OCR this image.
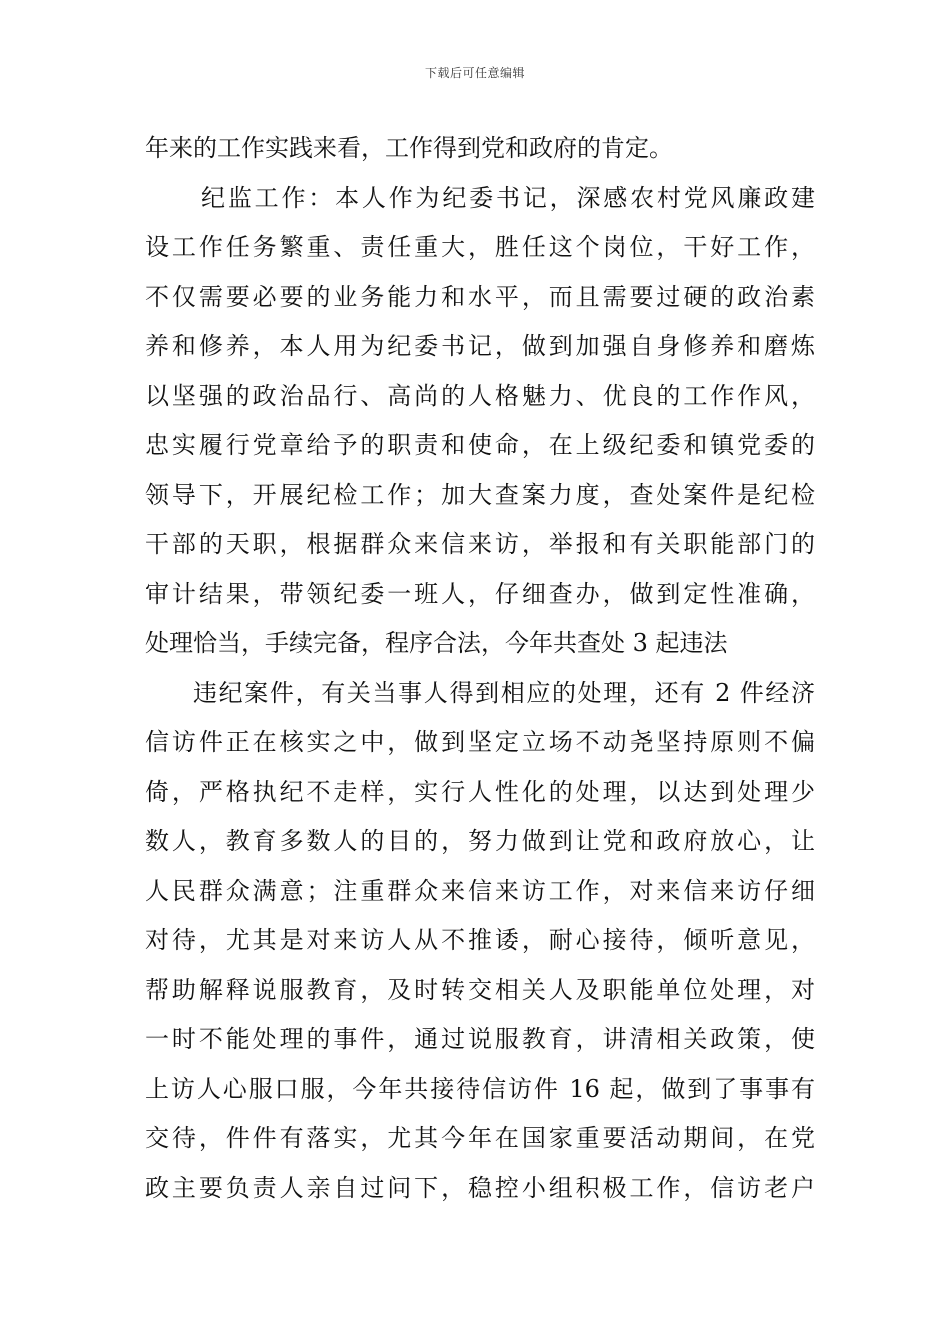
下载后可任意编辑
年来的工作实践来看，工作得到党和政府的肯定。
纪监工作：本人作为纪委书记，深感农村党风廉政建
设工作任务繁重、责任重大，胜任这个岗位，干好工作，
不仅需要必要的业务能力和水平，而且需要过硬的政治素
养和修养，本人用为纪委书记，做到加强自身修养和磨炼
以坚强的政治品行、高尚的人格魅力、优良的工作作风，
忠实履行党章给予的职责和使命，在上级纪委和镇党委的
领导下，开展纪检工作；加大查案力度，查处案件是纪检
干部的天职，根据群众来信来访，举报和有关职能部门的
审计结果，带领纪委一班人，仔细查办，做到定性准确，
处理恰当，手续完备，程序合法，今年共查处 3 起违法
违纪案件，有关当事人得到相应的处理，还有 2 件经济
信访件正在核实之中，做到坚定立场不动尧坚持原则不偏
倚，严格执纪不走样，实行人性化的处理，以达到处理少
数人，教育多数人的目的，努力做到让党和政府放心，让
人民群众满意；注重群众来信来访工作，对来信来访仔细
对待，尤其是对来访人从不推诿，耐心接待，倾听意见，
帮助解释说服教育，及时转交相关人及职能单位处理，对
一时不能处理的事件，通过说服教育，讲清相关政策，使
上访人心服口服，今年共接待信访件 16 起，做到了事事有
交待，件件有落实，尤其今年在国家重要活动期间，在党
政主要负责人亲自过问下，稳控小组积极工作，信访老户
